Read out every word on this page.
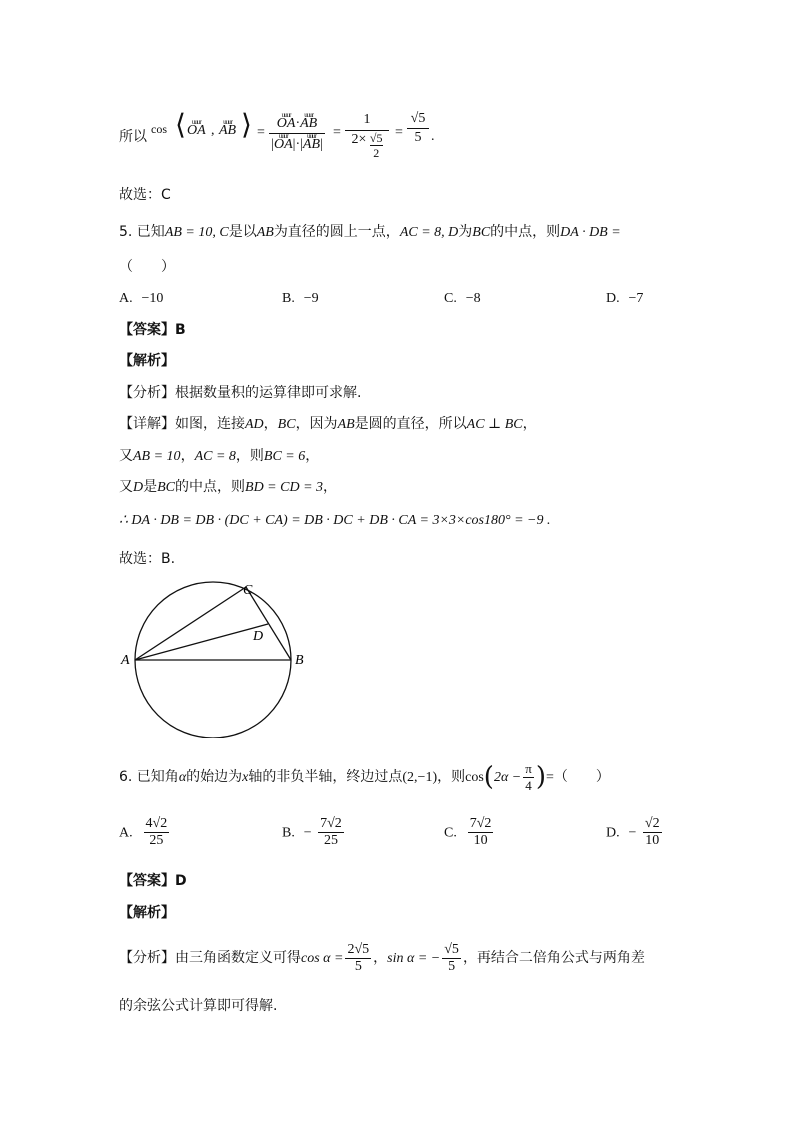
所以 cos ⟨ uuur OA , uuur AB ⟩ =
uuur OA·uuur AB
|uuur OA|·|uuur AB|
=
1
$2\times \frac{√5}{2} = \frac{√5}{5}$ .
故选：C
5. 已知AB = 10, C是以AB为直径的圆上一点，AC = 8, D为BC的中点，则DA · DB =
（　　）
A. −10	B. −9	C. −8	D. −7
【答案】B
【解析】
【分析】根据数量积的运算律即可求解.
【详解】如图，连接AD，BC，因为AB是圆的直径，所以AC ⊥ BC，
又AB = 10，AC = 8，则BC = 6，
又D是BC的中点，则BD = CD = 3，
∴ DA · DB = DB · (DC + CA) = DB · DC + DB · CA = 3×3×cos180° = −9 .
故选：B.
A	B
C
D
6. 已知角α的始边为x轴的非负半轴，终边过点(2,−1)，则$\cos(2\alpha - \frac{\pi}{4}$ )=（　　）
A. $\frac{4√2}{25}$	B. − $\frac{7√2}{25}$	C. $\frac{7√2}{10}$	D. − $\frac{√2}{10}$
【答案】D
【解析】
【分析】由三角函数定义可得$\cos \alpha = \frac{2√5}{5}$ ，sin α = − $\frac{√5}{5}$ ，再结合二倍角公式与两角差
的余弦公式计算即可得解.
